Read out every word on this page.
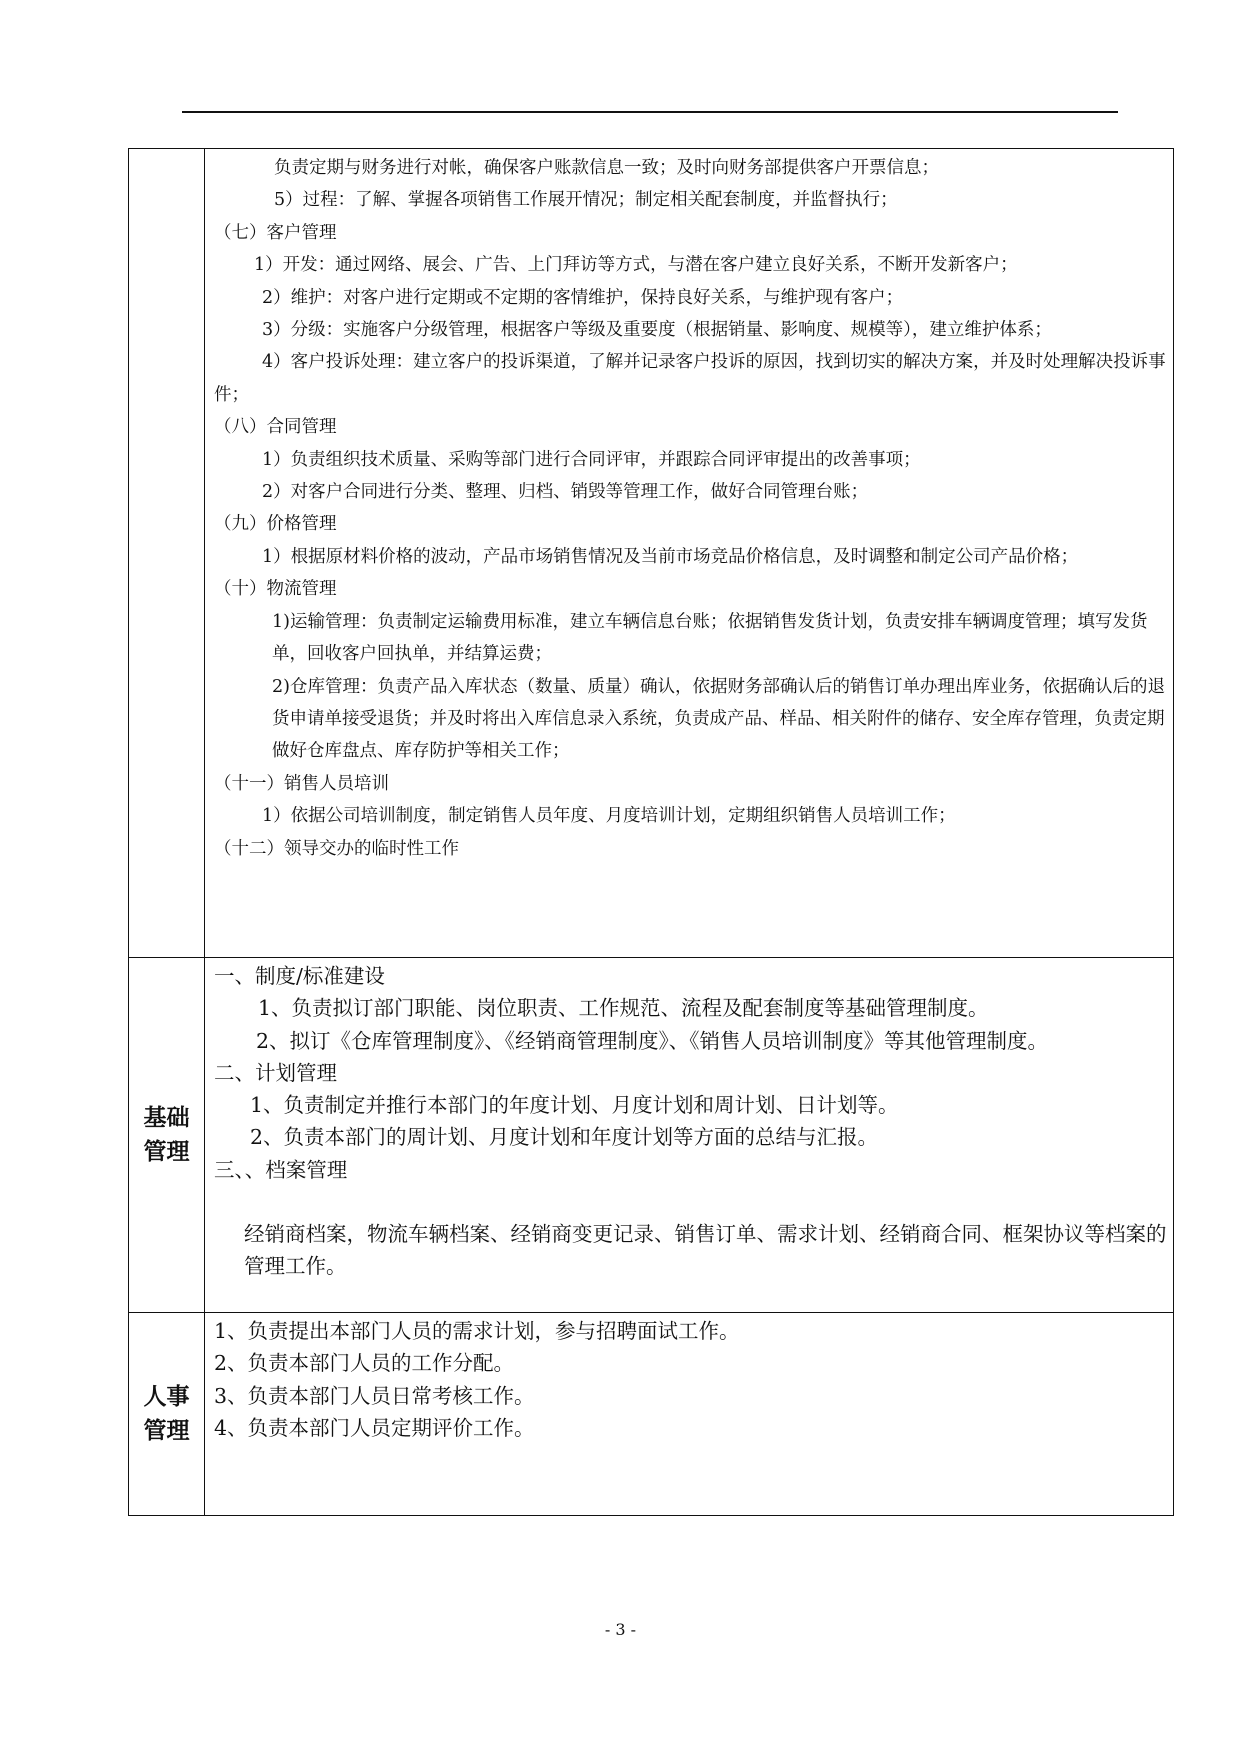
负责定期与财务进行对帐，确保客户账款信息一致；及时向财务部提供客户开票信息；

5）过程：了解、掌握各项销售工作展开情况；制定相关配套制度，并监督执行；

（七）客户管理

1）开发：通过网络、展会、广告、上门拜访等方式，与潜在客户建立良好关系，不断开发新客户；

2）维护：对客户进行定期或不定期的客情维护，保持良好关系，与维护现有客户；

3）分级：实施客户分级管理，根据客户等级及重要度（根据销量、影响度、规模等），建立维护体系；

4）客户投诉处理：建立客户的投诉渠道，了解并记录客户投诉的原因，找到切实的解决方案，并及时处理解决投诉事件；

（八）合同管理

1）负责组织技术质量、采购等部门进行合同评审，并跟踪合同评审提出的改善事项；

2）对客户合同进行分类、整理、归档、销毁等管理工作，做好合同管理台账；

（九）价格管理

1）根据原材料价格的波动，产品市场销售情况及当前市场竞品价格信息，及时调整和制定公司产品价格；

（十）物流管理

1)运输管理：负责制定运输费用标准，建立车辆信息台账；依据销售发货计划，负责安排车辆调度管理；填写发货单，回收客户回执单，并结算运费；

2)仓库管理：负责产品入库状态（数量、质量）确认，依据财务部确认后的销售订单办理出库业务，依据确认后的退货申请单接受退货；并及时将出入库信息录入系统，负责成产品、样品、相关附件的储存、安全库存管理，负责定期做好仓库盘点、库存防护等相关工作；

（十一）销售人员培训

1）依据公司培训制度，制定销售人员年度、月度培训计划，定期组织销售人员培训工作；

（十二）领导交办的临时性工作

基础
管理

一、制度/标准建设

1、负责拟订部门职能、岗位职责、工作规范、流程及配套制度等基础管理制度。

2、拟订《仓库管理制度》、《经销商管理制度》、《销售人员培训制度》等其他管理制度。

二、计划管理

1、负责制定并推行本部门的年度计划、月度计划和周计划、日计划等。

2、负责本部门的周计划、月度计划和年度计划等方面的总结与汇报。

三、、档案管理

经销商档案，物流车辆档案、经销商变更记录、销售订单、需求计划、经销商合同、框架协议等档案的管理工作。

人事
管理

1、负责提出本部门人员的需求计划，参与招聘面试工作。

2、负责本部门人员的工作分配。

3、负责本部门人员日常考核工作。

4、负责本部门人员定期评价工作。

- 3 -
